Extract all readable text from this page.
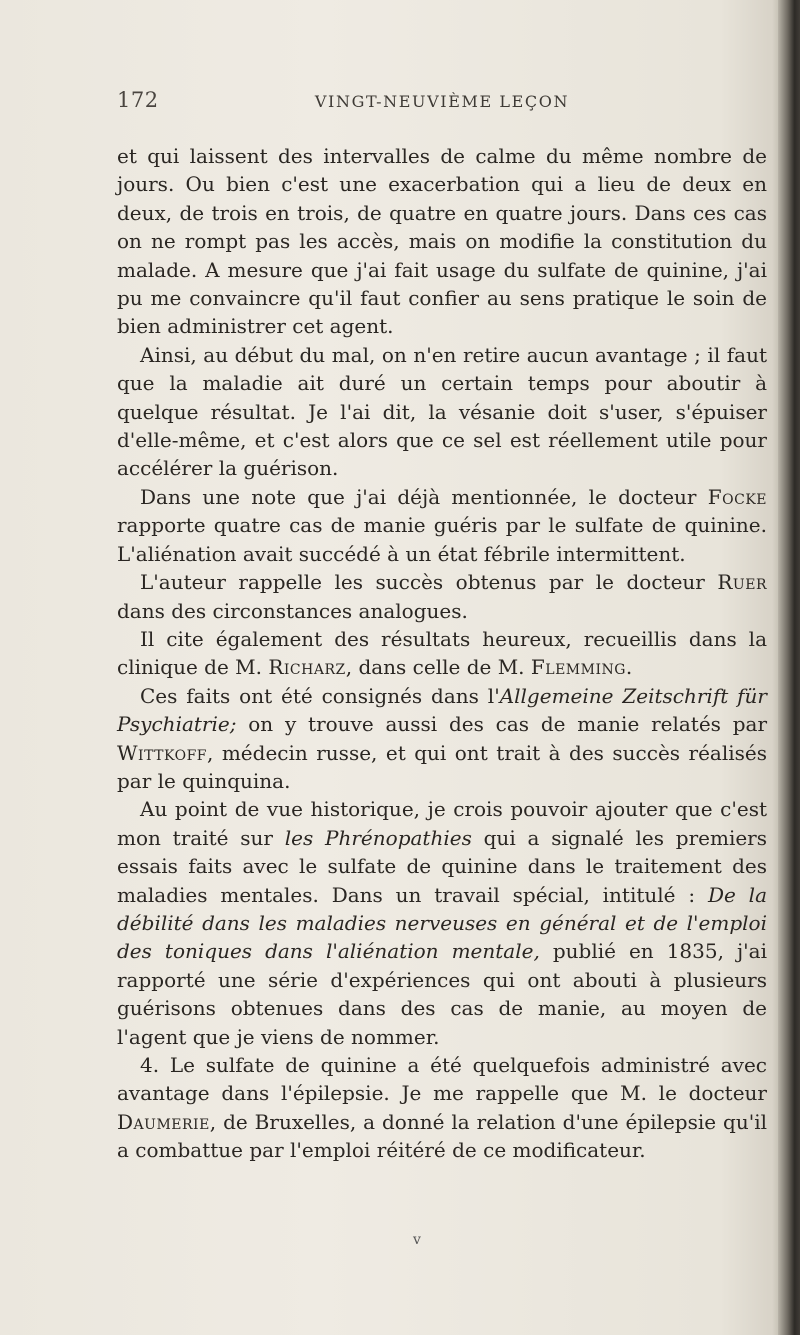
172	VINGT-NEUVIÈME LEÇON

et qui laissent des intervalles de calme du même nombre de jours. Ou bien c'est une exacerbation qui a lieu de deux en deux, de trois en trois, de quatre en quatre jours. Dans ces cas on ne rompt pas les accès, mais on modifie la constitution du malade. A mesure que j'ai fait usage du sulfate de quinine, j'ai pu me convaincre qu'il faut confier au sens pratique le soin de bien administrer cet agent.

Ainsi, au début du mal, on n'en retire aucun avantage ; il faut que la maladie ait duré un certain temps pour aboutir à quelque résultat. Je l'ai dit, la vésanie doit s'user, s'épuiser d'elle-même, et c'est alors que ce sel est réellement utile pour accélérer la guérison.

Dans une note que j'ai déjà mentionnée, le docteur Focke rapporte quatre cas de manie guéris par le sulfate de quinine. L'aliénation avait succédé à un état fébrile intermittent.

L'auteur rappelle les succès obtenus par le docteur Ruer dans des circonstances analogues.

Il cite également des résultats heureux, recueillis dans la clinique de M. Richarz, dans celle de M. Flemming.

Ces faits ont été consignés dans l'Allgemeine Zeitschrift für Psychiatrie; on y trouve aussi des cas de manie relatés par Wittkoff, médecin russe, et qui ont trait à des succès réalisés par le quinquina.

Au point de vue historique, je crois pouvoir ajouter que c'est mon traité sur les Phrénopathies qui a signalé les premiers essais faits avec le sulfate de quinine dans le traitement des maladies mentales. Dans un travail spécial, intitulé : De la débilité dans les maladies nerveuses en général et de l'emploi des toniques dans l'aliénation mentale, publié en 1835, j'ai rapporté une série d'expériences qui ont abouti à plusieurs guérisons obtenues dans des cas de manie, au moyen de l'agent que je viens de nommer.

4. Le sulfate de quinine a été quelquefois administré avec avantage dans l'épilepsie. Je me rappelle que M. le docteur Daumerie, de Bruxelles, a donné la relation d'une épilepsie qu'il a combattue par l'emploi réitéré de ce modificateur.

v
